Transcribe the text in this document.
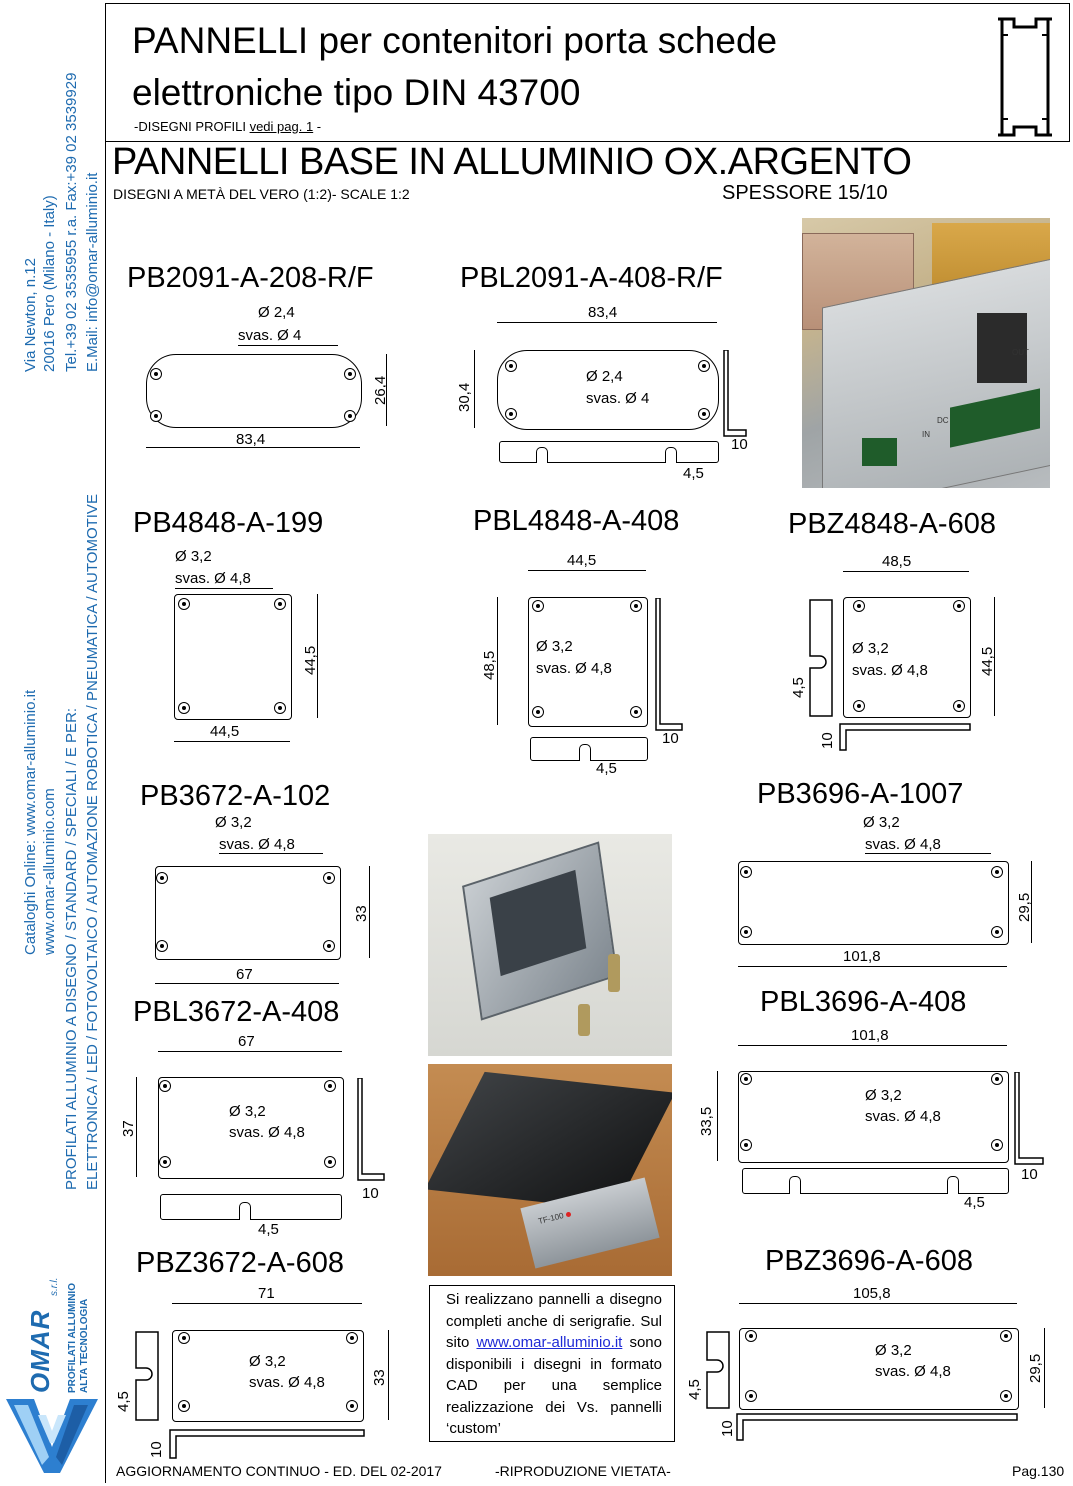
Via Newton, n.12 20016 Pero (Milano - Italy) Tel.+39 02 3535955 r.a. Fax:+39 02 3539929 E.Mail: info@omar-alluminio.it
Cataloghi Online: www.omar-alluminio.it www.omar-alluminio.com PROFILATI ALLUMINIO A DISEGNO / STANDARD / SPECIALI / E PER: ELETTRONICA / LED / FOTOVOLTAICO / AUTOMAZIONE ROBOTICA / PNEUMATICA / AUTOMOTIVE
OMAR
s.r.l. PROFILATI ALLUMINIO ALTA TECNOLOGIA
PANNELLI per contenitori porta schede
elettroniche tipo DIN 43700
-DISEGNI PROFILI vedi pag. 1 -
PANNELLI BASE IN ALLUMINIO OX.ARGENTO
DISEGNI A METÀ DEL VERO (1:2)- SCALE 1:2	SPESSORE 15/10
PB2091-A-208-R/F
Ø 2,4
svas. Ø 4
83,4
26,4
PBL2091-A-408-R/F
83,4
Ø 2,4
svas. Ø 4
30,4
4,5
10
IN
DC
OUT
PB4848-A-199
Ø 3,2
svas. Ø 4,8
44,5
44,5
PBL4848-A-408
44,5
Ø 3,2
svas. Ø 4,8
48,5
4,5
10
PBZ4848-A-608
48,5
Ø 3,2
svas. Ø 4,8	44,5
4,5
10
PB3672-A-102
Ø 3,2
svas. Ø 4,8
67
33
PB3696-A-1007
Ø 3,2
svas. Ø 4,8
101,8
29,5
PBL3672-A-408
67
Ø 3,2
svas. Ø 4,8
37
4,5
10
TF-100
PBL3696-A-408
101,8
Ø 3,2
svas. Ø 4,8
33,5
4,5
10
PBZ3672-A-608
71
Ø 3,2
svas. Ø 4,8	33
4,5
10
Si realizzano pannelli a disegno completi anche di serigrafie. Sul sito www.omar-alluminio.it sono disponibili i disegni in formato CAD per una semplice realizzazione dei Vs. pannelli ‘custom’
PBZ3696-A-608
105,8
Ø 3,2
svas. Ø 4,8	29,5
4,5
10
AGGIORNAMENTO CONTINUO - ED. DEL 02-2017	-RIPRODUZIONE VIETATA-	Pag.130
